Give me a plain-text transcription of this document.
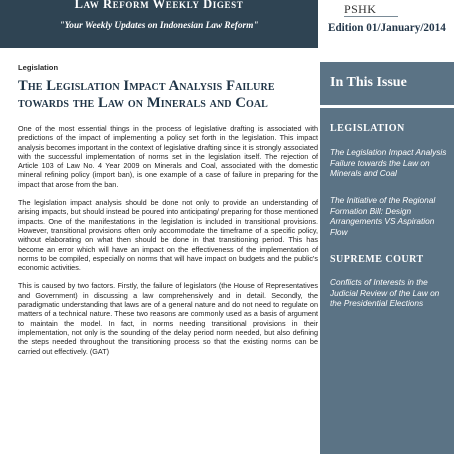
Law Reform Weekly Digest
"Your Weekly Updates on Indonesian Law Reform"
PSHK
Edition 01/January/2014
Legislation
The Legislation Impact Analysis Failure towards the Law on Minerals and Coal

One of the most essential things in the process of legislative drafting is associated with predictions of the impact of implementing a policy set forth in the legislation. This impact analysis becomes important in the context of legislative drafting since it is strongly associated with the successful implementation of norms set in the legislation itself. The rejection of Article 103 of Law No. 4 Year 2009 on Minerals and Coal, associated with the domestic mineral refining policy (import ban), is one example of a case of failure in preparing for the impact that arose from the ban.

The legislation impact analysis should be done not only to provide an understanding of arising impacts, but should instead be poured into anticipating/ preparing for those mentioned impacts. One of the manifestations in the legislation is included in transitional provisions. However, transitional provisions often only accommodate the timeframe of a specific policy, without elaborating on what then should be done in that transitioning period. This has become an error which will have an impact on the effectiveness of the implementation of norms to be compiled, especially on norms that will have impact on budgets and the public's economic activities.

This is caused by two factors. Firstly, the failure of legislators (the House of Representatives and Government) in discussing a law comprehensively and in detail. Secondly, the paradigmatic understanding that laws are of a general nature and do not need to regulate on matters of a technical nature. These two reasons are commonly used as a basis of argument to maintain the model. In fact, in norms needing transitional provisions in their implementation, not only is the sounding of the delay period norm needed, but also defining the steps needed throughout the transitioning process so that the existing norms can be carried out effectively. (GAT)

In This Issue
LEGISLATION
The Legislation Impact Analysis Failure towards the Law on Minerals and Coal
The Initiative of the Regional Formation Bill: Design Arrangements VS Aspiration Flow
SUPREME COURT
Conflicts of Interests in the Judicial Review of the Law on the Presidential Elections
